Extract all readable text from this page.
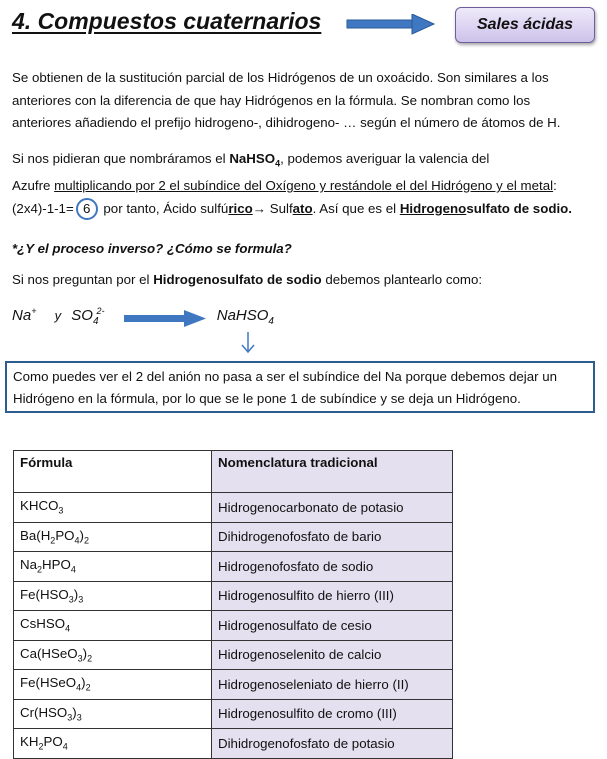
4. Compuestos cuaternarios	Sales ácidas
Se obtienen de la sustitución parcial de los Hidrógenos de un oxoácido. Son similares a los
anteriores con la diferencia de que hay Hidrógenos en la fórmula. Se nombran como los
anteriores añadiendo el prefijo hidrogeno-, dihidrogeno- … según el número de átomos de H.
Si nos pidieran que nombráramos el NaHSO$_4$, podemos averiguar la valencia del
Azufre multiplicando por 2 el subíndice del Oxígeno y restándole el del Hidrógeno y el metal:
(2x4)-1-1= 6 por tanto, Ácido sulfúrico→ Sulfato. Así que es el Hidrogenosulfato de sodio.
*¿Y el proceso inverso? ¿Cómo se formula?
Si nos preguntan por el Hidrogenosulfato de sodio debemos plantearlo como:
Na+ y $SO_4^{2-}$	NaHSO$_4$
Como puedes ver el 2 del anión no pasa a ser el subíndice del Na porque debemos dejar un
Hidrógeno en la fórmula, por lo que se le pone 1 de subíndice y se deja un Hidrógeno.
Fórmula	Nomenclatura tradicional
$KHCO_3$	Hidrogenocarbonato de potasio
$Ba(H_2PO_4)_2$	Dihidrogenofosfato de bario
$Na_2HPO_4$	Hidrogenofosfato de sodio
$Fe(HSO_3)_3$	Hidrogenosulfito de hierro (III)
CsHSO$_4$	Hidrogenosulfato de cesio
$Ca(HSeO_3)_2$	Hidrogenoselenito de calcio
$Fe(HSeO_4)_2$	Hidrogenoseleniato de hierro (II)
$Cr(HSO_3)_3$	Hidrogenosulfito de cromo (III)
$KH_2PO_4$	Dihidrogenofosfato de potasio
